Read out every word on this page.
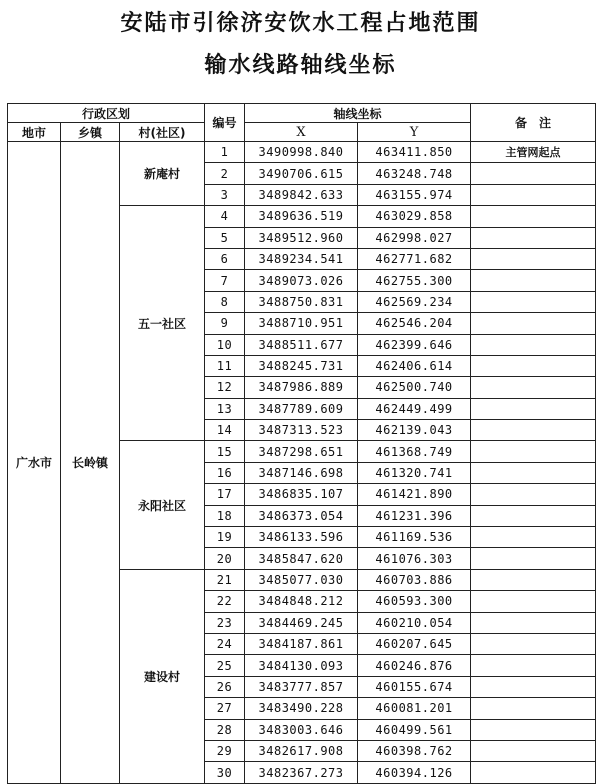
安陆市引徐济安饮水工程占地范围
输水线路轴线坐标
行政区划			编号	轴线坐标		备　注
地市	乡镇	村(社区)		X	Y	
广水市	长岭镇	新庵村	1	3490998.840	463411.850	主管网起点
			2	3490706.615	463248.748	
			3	3489842.633	463155.974	
		五一社区	4	3489636.519	463029.858	
			5	3489512.960	462998.027	
			6	3489234.541	462771.682	
			7	3489073.026	462755.300	
			8	3488750.831	462569.234	
			9	3488710.951	462546.204	
			10	3488511.677	462399.646	
			11	3488245.731	462406.614	
			12	3487986.889	462500.740	
			13	3487789.609	462449.499	
			14	3487313.523	462139.043	
		永阳社区	15	3487298.651	461368.749	
			16	3487146.698	461320.741	
			17	3486835.107	461421.890	
			18	3486373.054	461231.396	
			19	3486133.596	461169.536	
			20	3485847.620	461076.303	
		建设村	21	3485077.030	460703.886	
			22	3484848.212	460593.300	
			23	3484469.245	460210.054	
			24	3484187.861	460207.645	
			25	3484130.093	460246.876	
			26	3483777.857	460155.674	
			27	3483490.228	460081.201	
			28	3483003.646	460499.561	
			29	3482617.908	460398.762	
			30	3482367.273	460394.126	
